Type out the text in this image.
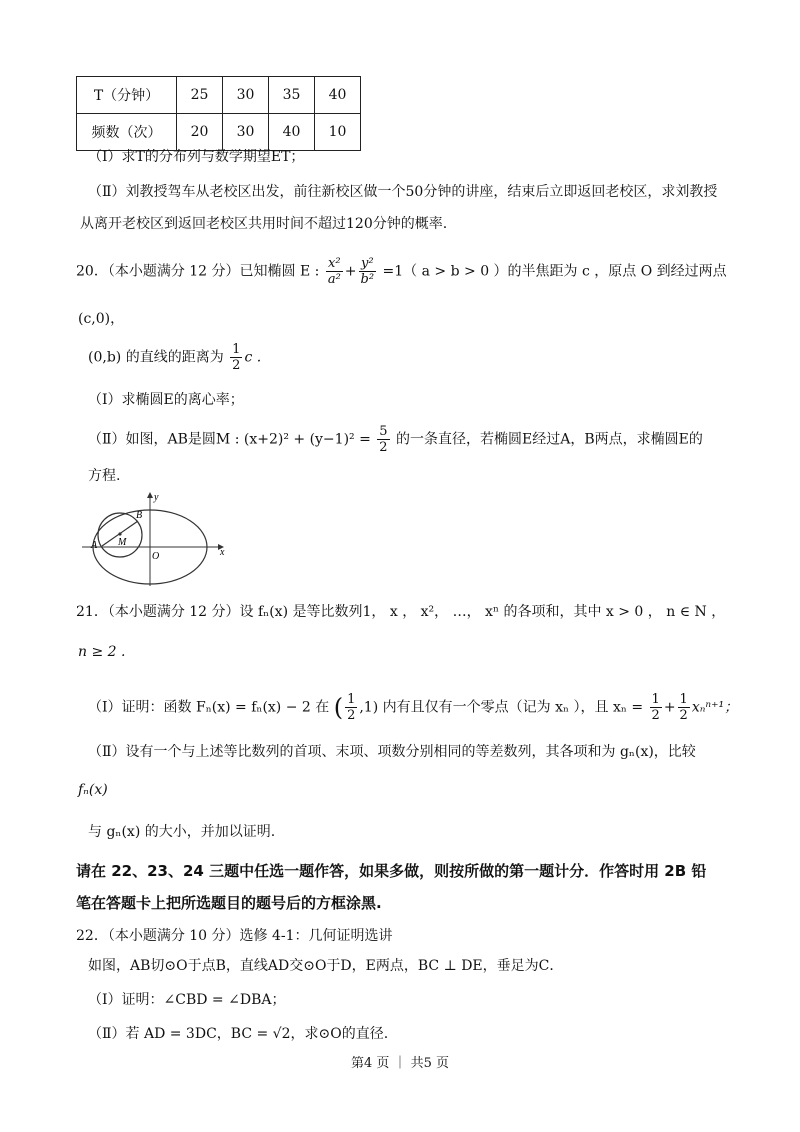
T（分钟）	25	30	35	40
频数（次）	20	30	40	10
（Ⅰ）求T的分布列与数学期望ET；
（Ⅱ）刘教授驾车从老校区出发，前往新校区做一个50分钟的讲座，结束后立即返回老校区，求刘教授
从离开老校区到返回老校区共用时间不超过120分钟的概率.
20．（本小题满分 12 分）已知椭圆 E : $\frac{\text{x²}}{\text{a²}} + \frac{\text{y²}}{\text{b²}} =1$（ a > b > 0 ）的半焦距为 c ，原点 O 到经过两点
(c,0)，
(0,b) 的直线的距离为 $\frac{1}{2}$ c .
（Ⅰ）求椭圆E的离心率；
（Ⅱ）如图，AB是圆M : $(x+2)^2 + (y-1)^2 = \frac{5}{2}$ 的一条直径，若椭圆E经过A，B两点，求椭圆E的
方程.
B
A M
O	x
y
21．（本小题满分 12 分）设 fₙ(x) 是等比数列1， x ， x²， …， xⁿ 的各项和，其中 x > 0 ， n ∈ N ，
n ≥ 2 .
（Ⅰ）证明：函数 Fₙ(x) = fₙ(x) − 2 在 ( $\frac{1}{2} ,1$) 内有且仅有一个零点（记为 xₙ ），且 $x_n = \frac{1}{2} + \frac{1}{2} x_n^{n+1}$；
（Ⅱ）设有一个与上述等比数列的首项、末项、项数分别相同的等差数列，其各项和为 gₙ(x)，比较
fₙ(x)
与 gₙ(x) 的大小，并加以证明.
请在 22、23、24 三题中任选一题作答，如果多做，则按所做的第一题计分．作答时用 2B 铅
笔在答题卡上把所选题目的题号后的方框涂黑.
22．（本小题满分 10 分）选修 4-1：几何证明选讲
如图，AB切⊙O于点B，直线AD交⊙O于D，E两点，BC ⊥ DE，垂足为C．
（Ⅰ）证明：∠CBD = ∠DBA；
（Ⅱ）若 AD = 3DC，BC = √2，求⊙O的直径.
第4 页 ｜ 共5 页
